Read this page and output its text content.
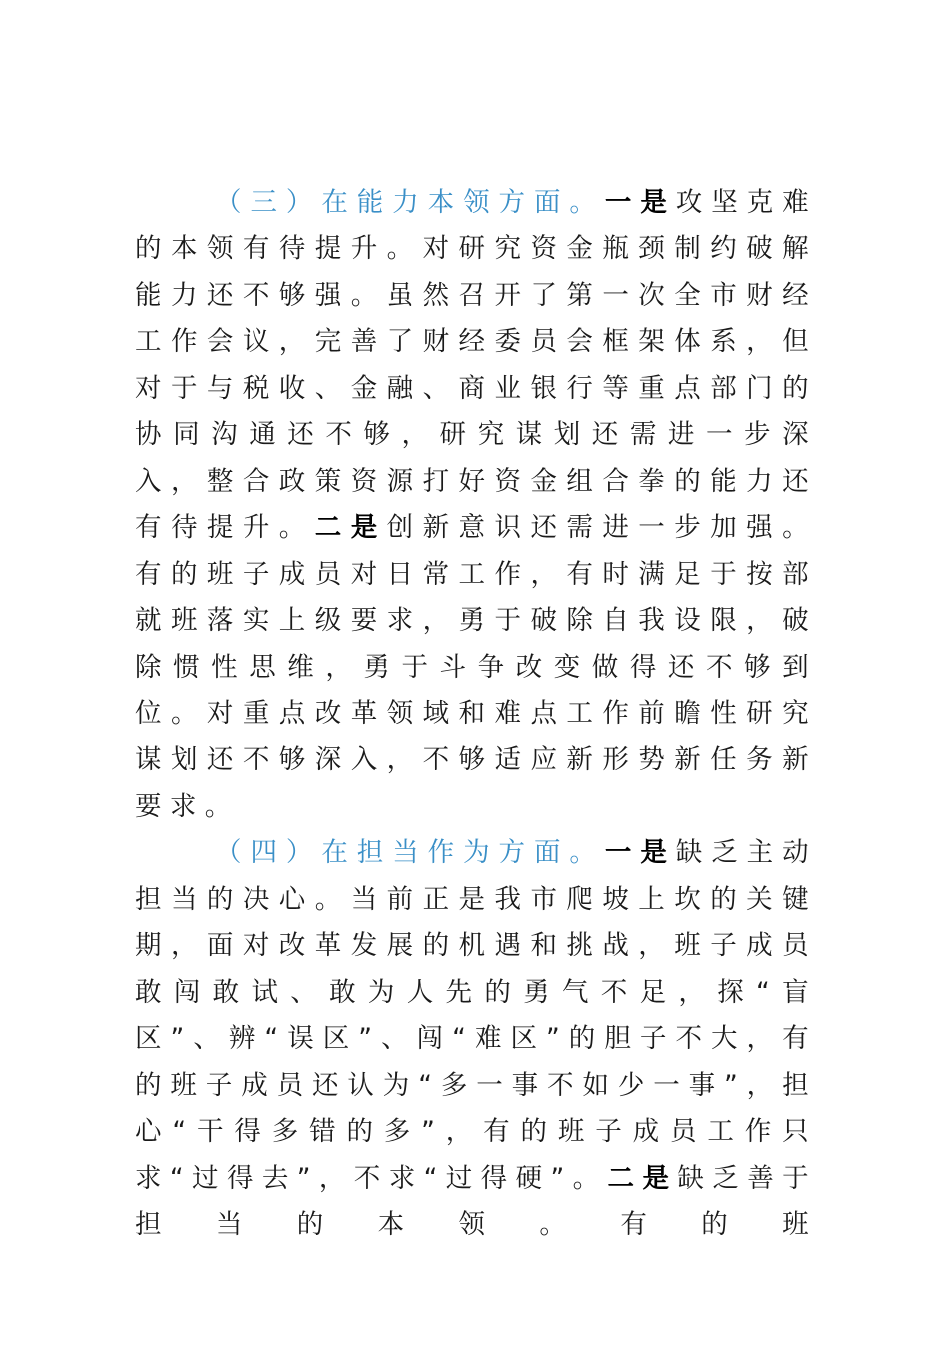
（三）在能力本领方面。一是攻坚克难的本领有待提升。对研究资金瓶颈制约破解能力还不够强。虽然召开了第一次全市财经工作会议，完善了财经委员会框架体系，但对于与税收、金融、商业银行等重点部门的协同沟通还不够，研究谋划还需进一步深入，整合政策资源打好资金组合拳的能力还有待提升。二是创新意识还需进一步加强。有的班子成员对日常工作，有时满足于按部就班落实上级要求，勇于破除自我设限，破除惯性思维，勇于斗争改变做得还不够到位。对重点改革领域和难点工作前瞻性研究谋划还不够深入，不够适应新形势新任务新要求。

（四）在担当作为方面。一是缺乏主动担当的决心。当前正是我市爬坡上坎的关键期，面对改革发展的机遇和挑战，班子成员敢闯敢试、敢为人先的勇气不足，探“盲区”、辨“误区”、闯“难区”的胆子不大，有的班子成员还认为“多一事不如少一事”，担心“干得多错的多”，有的班子成员工作只求“过得去”，不求“过得硬”。二是缺乏善于担当的本领。有的班
